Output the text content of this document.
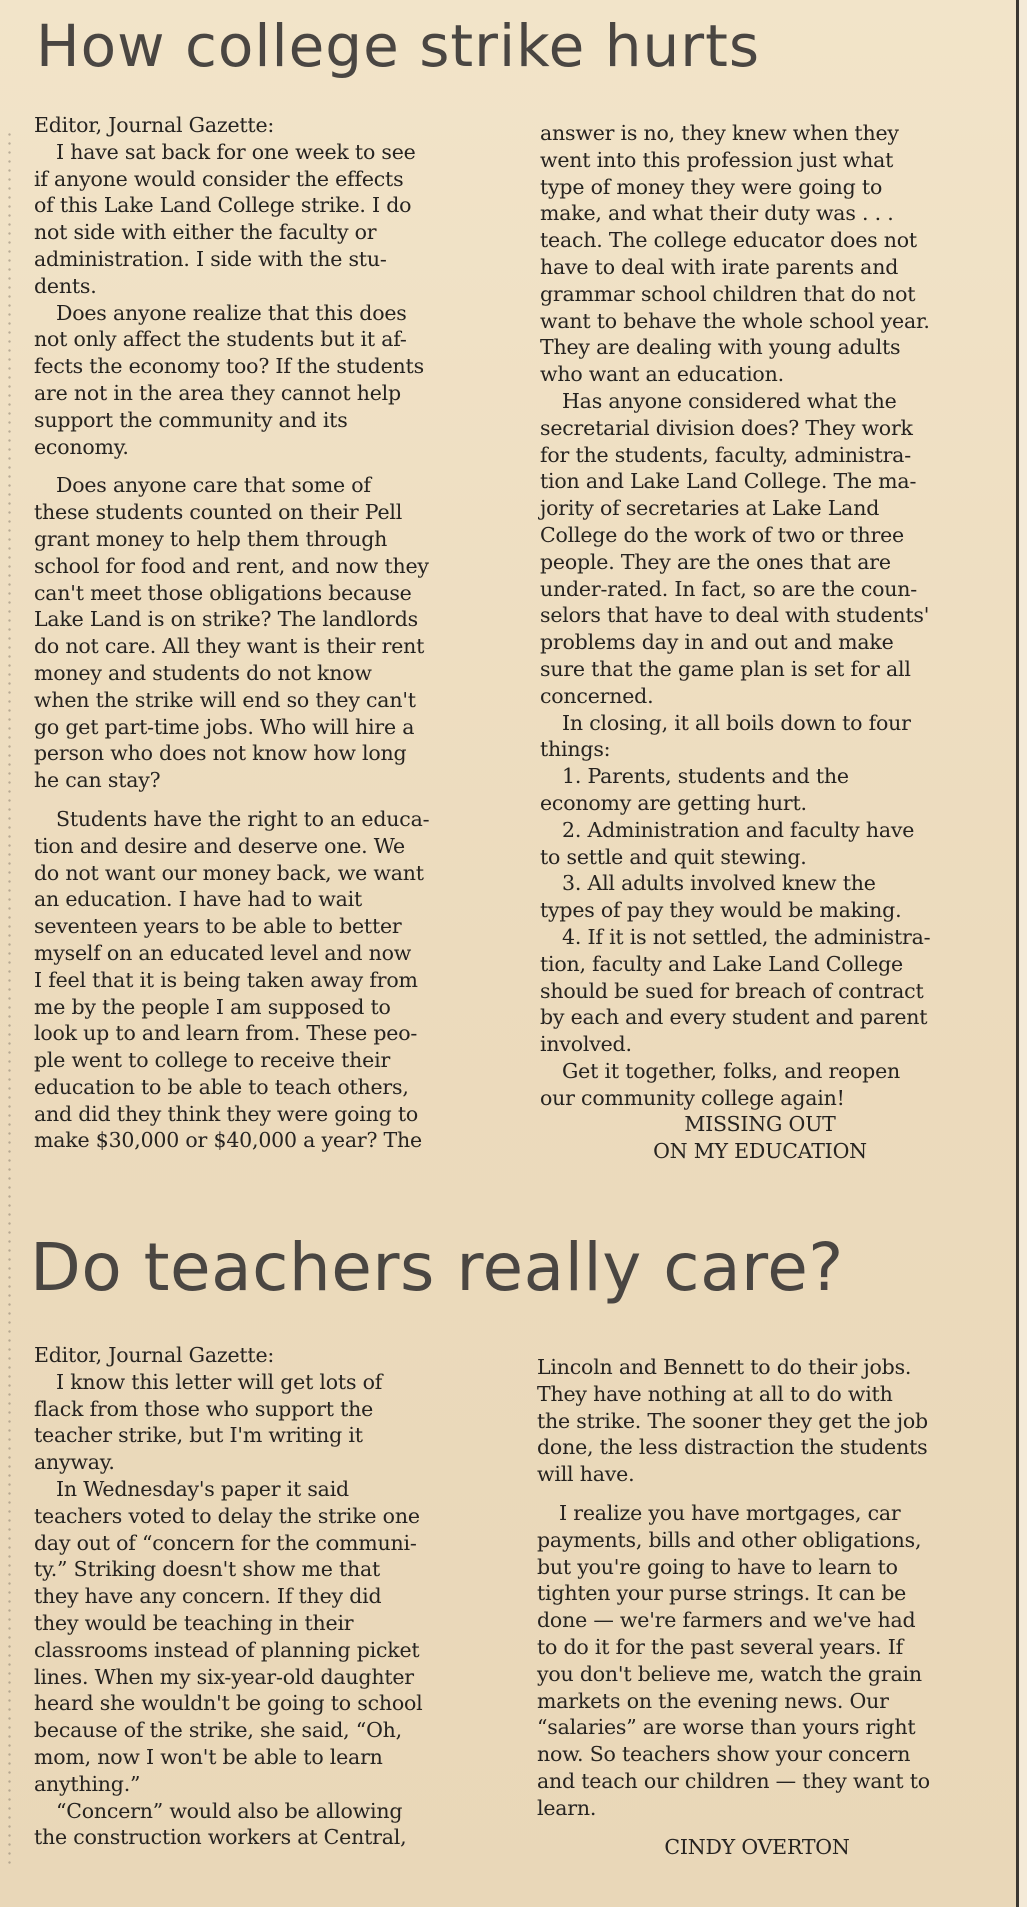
How college strike hurts
Editor, Journal Gazette:
I have sat back for one week to see
if anyone would consider the effects
of this Lake Land College strike. I do
not side with either the faculty or
administration. I side with the stu-
dents.
Does anyone realize that this does
not only affect the students but it af-
fects the economy too? If the students
are not in the area they cannot help
support the community and its
economy.
Does anyone care that some of
these students counted on their Pell
grant money to help them through
school for food and rent, and now they
can't meet those obligations because
Lake Land is on strike? The landlords
do not care. All they want is their rent
money and students do not know
when the strike will end so they can't
go get part-time jobs. Who will hire a
person who does not know how long
he can stay?
Students have the right to an educa-
tion and desire and deserve one. We
do not want our money back, we want
an education. I have had to wait
seventeen years to be able to better
myself on an educated level and now
I feel that it is being taken away from
me by the people I am supposed to
look up to and learn from. These peo-
ple went to college to receive their
education to be able to teach others,
and did they think they were going to
make $30,000 or $40,000 a year? The
answer is no, they knew when they
went into this profession just what
type of money they were going to
make, and what their duty was . . .
teach. The college educator does not
have to deal with irate parents and
grammar school children that do not
want to behave the whole school year.
They are dealing with young adults
who want an education.
Has anyone considered what the
secretarial division does? They work
for the students, faculty, administra-
tion and Lake Land College. The ma-
jority of secretaries at Lake Land
College do the work of two or three
people. They are the ones that are
under-rated. In fact, so are the coun-
selors that have to deal with students'
problems day in and out and make
sure that the game plan is set for all
concerned.
In closing, it all boils down to four
things:
1. Parents, students and the
economy are getting hurt.
2. Administration and faculty have
to settle and quit stewing.
3. All adults involved knew the
types of pay they would be making.
4. If it is not settled, the administra-
tion, faculty and Lake Land College
should be sued for breach of contract
by each and every student and parent
involved.
Get it together, folks, and reopen
our community college again!
MISSING OUT
ON MY EDUCATION
Do teachers really care?
Editor, Journal Gazette:
I know this letter will get lots of
flack from those who support the
teacher strike, but I'm writing it
anyway.
In Wednesday's paper it said
teachers voted to delay the strike one
day out of “concern for the communi-
ty.” Striking doesn't show me that
they have any concern. If they did
they would be teaching in their
classrooms instead of planning picket
lines. When my six-year-old daughter
heard she wouldn't be going to school
because of the strike, she said, “Oh,
mom, now I won't be able to learn
anything.”
“Concern” would also be allowing
the construction workers at Central,
Lincoln and Bennett to do their jobs.
They have nothing at all to do with
the strike. The sooner they get the job
done, the less distraction the students
will have.
I realize you have mortgages, car
payments, bills and other obligations,
but you're going to have to learn to
tighten your purse strings. It can be
done — we're farmers and we've had
to do it for the past several years. If
you don't believe me, watch the grain
markets on the evening news. Our
“salaries” are worse than yours right
now. So teachers show your concern
and teach our children — they want to
learn.
CINDY OVERTON
